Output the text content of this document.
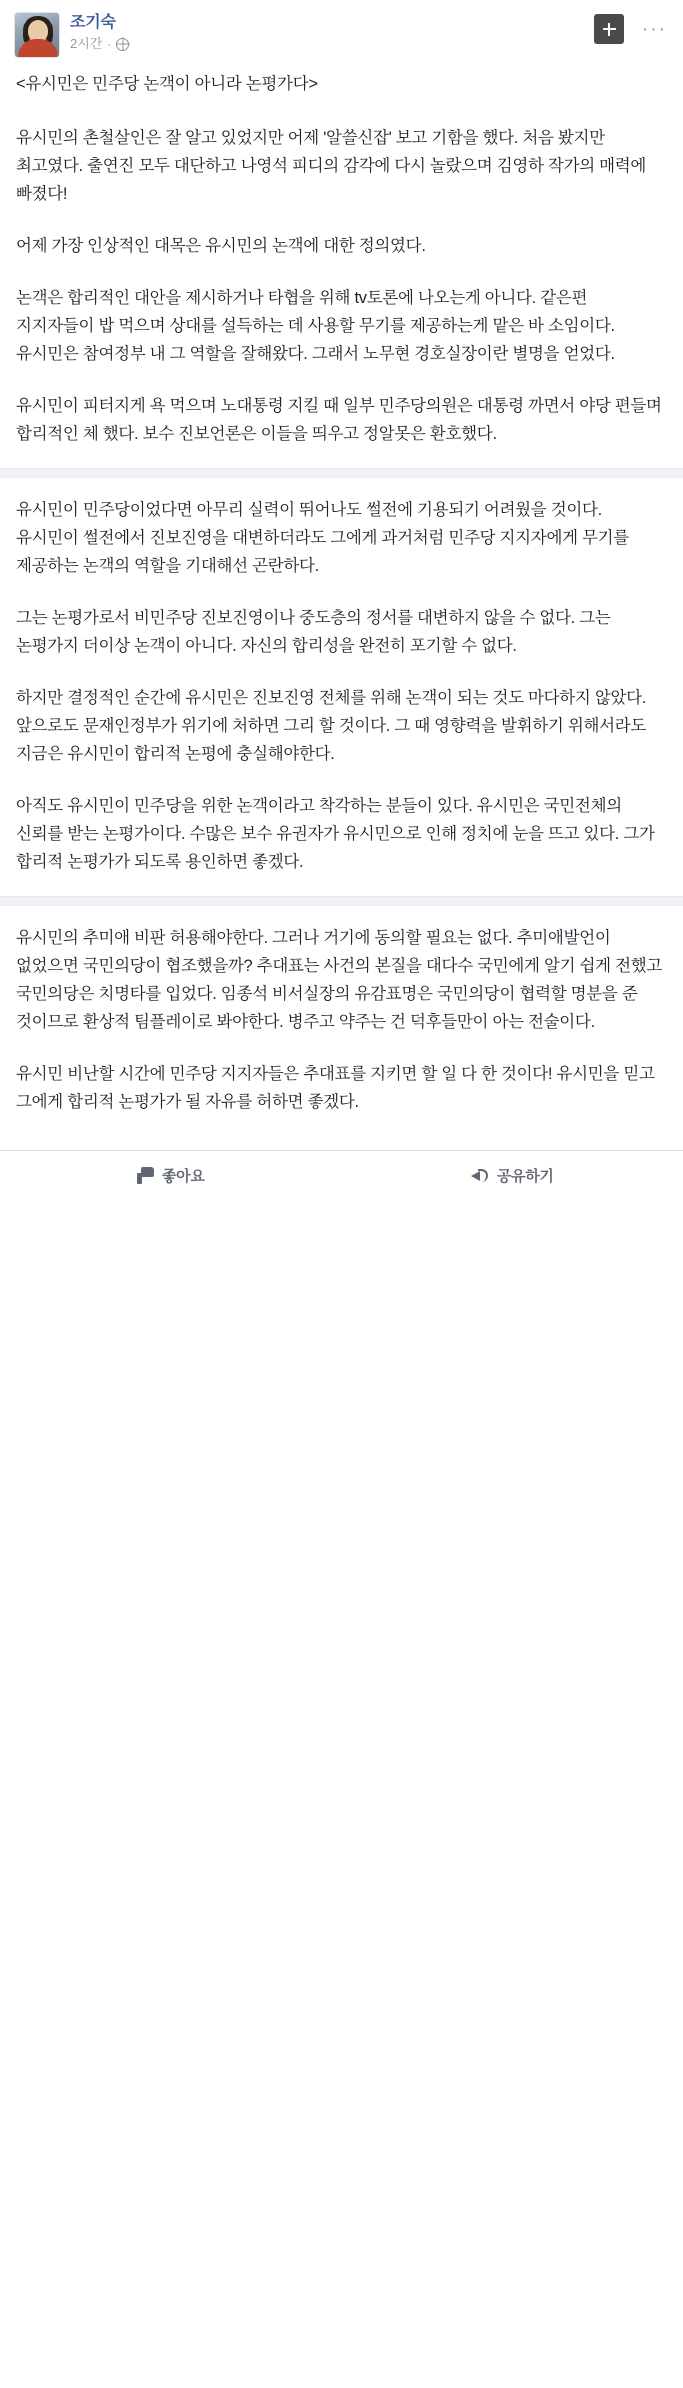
조기숙
2시간 ·
···

<유시민은 민주당 논객이 아니라 논평가다>

유시민의 촌철살인은 잘 알고 있었지만 어제 '알쓸신잡' 보고 기함을 했다. 처음 봤지만 최고였다. 출연진 모두 대단하고 나영석 피디의 감각에 다시 놀랐으며 김영하 작가의 매력에 빠졌다!

어제 가장 인상적인 대목은 유시민의 논객에 대한 정의였다.

논객은 합리적인 대안을 제시하거나 타협을 위해 tv토론에 나오는게 아니다. 같은편 지지자들이 밥 먹으며 상대를 설득하는 데 사용할 무기를 제공하는게 맡은 바 소임이다. 유시민은 참여정부 내 그 역할을 잘해왔다. 그래서 노무현 경호실장이란 별명을 얻었다.

유시민이 피터지게 욕 먹으며 노대통령 지킬 때 일부 민주당의원은 대통령 까면서 야당 편들며 합리적인 체 했다. 보수 진보언론은 이들을 띄우고 정알못은 환호했다.

유시민이 민주당이었다면 아무리 실력이 뛰어나도 썰전에 기용되기 어려웠을 것이다. 유시민이 썰전에서 진보진영을 대변하더라도 그에게 과거처럼 민주당 지지자에게 무기를 제공하는 논객의 역할을 기대해선 곤란하다.

그는 논평가로서 비민주당 진보진영이나 중도층의 정서를 대변하지 않을 수 없다. 그는 논평가지 더이상 논객이 아니다. 자신의 합리성을 완전히 포기할 수 없다.

하지만 결정적인 순간에 유시민은 진보진영 전체를 위해 논객이 되는 것도 마다하지 않았다. 앞으로도 문재인정부가 위기에 처하면 그리 할 것이다. 그 때 영향력을 발휘하기 위해서라도 지금은 유시민이 합리적 논평에 충실해야한다.

아직도 유시민이 민주당을 위한 논객이라고 착각하는 분들이 있다. 유시민은 국민전체의 신뢰를 받는 논평가이다. 수많은 보수 유권자가 유시민으로 인해 정치에 눈을 뜨고 있다. 그가 합리적 논평가가 되도록 용인하면 좋겠다.

유시민의 추미애 비판 허용해야한다. 그러나 거기에 동의할 필요는 없다. 추미애발언이 없었으면 국민의당이 협조했을까? 추대표는 사건의 본질을 대다수 국민에게 알기 쉽게 전했고 국민의당은 치명타를 입었다. 임종석 비서실장의 유감표명은 국민의당이 협력할 명분을 준 것이므로 환상적 팀플레이로 봐야한다. 병주고 약주는 건 덕후들만이 아는 전술이다.

유시민 비난할 시간에 민주당 지지자들은 추대표를 지키면 할 일 다 한 것이다! 유시민을 믿고 그에게 합리적 논평가가 될 자유를 허하면 좋겠다.

좋아요	공유하기
